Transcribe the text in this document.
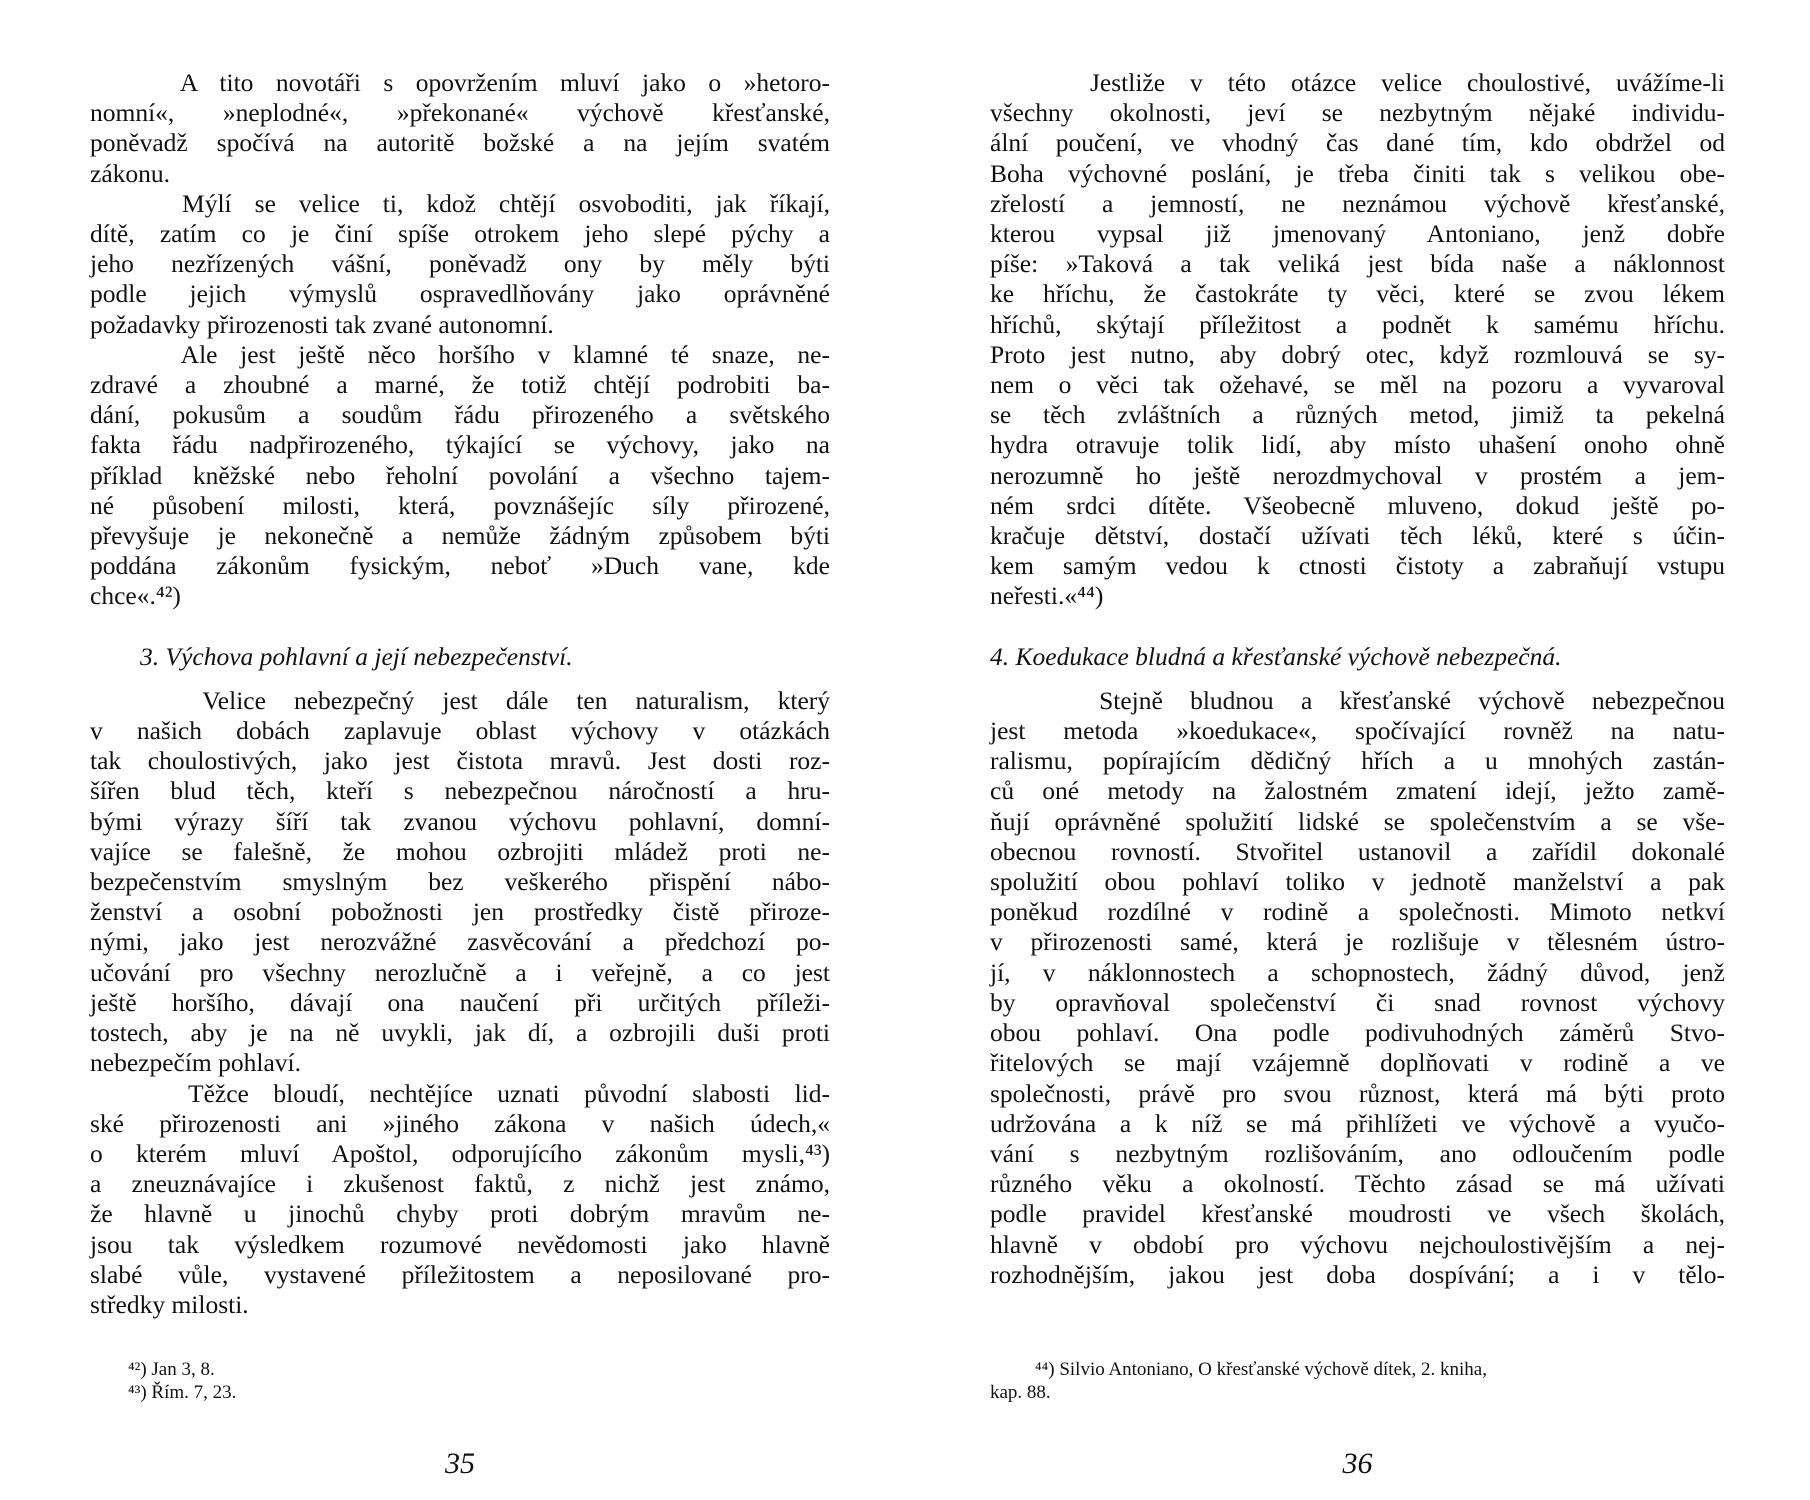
A tito novotáři s opovržením mluví jako o »hetoro-
nomní«, »neplodné«, »překonané« výchově křesťanské,
poněvadž spočívá na autoritě božské a na jejím svatém
zákonu.
Mýlí se velice ti, kdož chtějí osvoboditi, jak říkají,
dítě, zatím co je činí spíše otrokem jeho slepé pýchy a
jeho nezřízených vášní, poněvadž ony by měly býti
podle jejich výmyslů ospravedlňovány jako oprávněné
požadavky přirozenosti tak zvané autonomní.
Ale jest ještě něco horšího v klamné té snaze, ne-
zdravé a zhoubné a marné, že totiž chtějí podrobiti ba-
dání, pokusům a soudům řádu přirozeného a světského
fakta řádu nadpřirozeného, týkající se výchovy, jako na
příklad kněžské nebo řeholní povolání a všechno tajem-
né působení milosti, která, povznášejíc síly přirozené,
převyšuje je nekonečně a nemůže žádným způsobem býti
poddána zákonům fysickým, neboť »Duch vane, kde
chce«.⁴²)
3. Výchova pohlavní a její nebezpečenství.
Velice nebezpečný jest dále ten naturalism, který
v našich dobách zaplavuje oblast výchovy v otázkách
tak choulostivých, jako jest čistota mravů. Jest dosti roz-
šířen blud těch, kteří s nebezpečnou náročností a hru-
bými výrazy šíří tak zvanou výchovu pohlavní, domní-
vajíce se falešně, že mohou ozbrojiti mládež proti ne-
bezpečenstvím smyslným bez veškerého přispění nábo-
ženství a osobní pobožnosti jen prostředky čistě přiroze-
nými, jako jest nerozvážné zasvěcování a předchozí po-
učování pro všechny nerozlučně a i veřejně, a co jest
ještě horšího, dávají ona naučení při určitých příleži-
tostech, aby je na ně uvykli, jak dí, a ozbrojili duši proti
nebezpečím pohlaví.
Těžce bloudí, nechtějíce uznati původní slabosti lid-
ské přirozenosti ani »jiného zákona v našich údech,«
o kterém mluví Apoštol, odporujícího zákonům mysli,⁴³)
a zneuznávajíce i zkušenost faktů, z nichž jest známo,
že hlavně u jinochů chyby proti dobrým mravům ne-
jsou tak výsledkem rozumové nevědomosti jako hlavně
slabé vůle, vystavené příležitostem a neposilované pro-
středky milosti.
⁴²) Jan 3, 8.
⁴³) Řím. 7, 23.
35
Jestliže v této otázce velice choulostivé, uvážíme-li
všechny okolnosti, jeví se nezbytným nějaké individu-
ální poučení, ve vhodný čas dané tím, kdo obdržel od
Boha výchovné poslání, je třeba činiti tak s velikou obe-
zřelostí a jemností, ne neznámou výchově křesťanské,
kterou vypsal již jmenovaný Antoniano, jenž dobře
píše: »Taková a tak veliká jest bída naše a náklonnost
ke hříchu, že častokráte ty věci, které se zvou lékem
hříchů, skýtají příležitost a podnět k samému hříchu.
Proto jest nutno, aby dobrý otec, když rozmlouvá se sy-
nem o věci tak ožehavé, se měl na pozoru a vyvaroval
se těch zvláštních a různých metod, jimiž ta pekelná
hydra otravuje tolik lidí, aby místo uhašení onoho ohně
nerozumně ho ještě nerozdmychoval v prostém a jem-
ném srdci dítěte. Všeobecně mluveno, dokud ještě po-
kračuje dětství, dostačí užívati těch léků, které s účin-
kem samým vedou k ctnosti čistoty a zabraňují vstupu
neřesti.«⁴⁴)
4. Koedukace bludná a křesťanské výchově nebezpečná.
Stejně bludnou a křesťanské výchově nebezpečnou
jest metoda »koedukace«, spočívající rovněž na natu-
ralismu, popírajícím dědičný hřích a u mnohých zastán-
ců oné metody na žalostném zmatení idejí, ježto zamě-
ňují oprávněné spolužití lidské se společenstvím a se vše-
obecnou rovností. Stvořitel ustanovil a zařídil dokonalé
spolužití obou pohlaví toliko v jednotě manželství a pak
poněkud rozdílné v rodině a společnosti. Mimoto netkví
v přirozenosti samé, která je rozlišuje v tělesném ústro-
jí, v náklonnostech a schopnostech, žádný důvod, jenž
by opravňoval společenství či snad rovnost výchovy
obou pohlaví. Ona podle podivuhodných záměrů Stvo-
řitelových se mají vzájemně doplňovati v rodině a ve
společnosti, právě pro svou různost, která má býti proto
udržována a k níž se má přihlížeti ve výchově a vyučo-
vání s nezbytným rozlišováním, ano odloučením podle
různého věku a okolností. Těchto zásad se má užívati
podle pravidel křesťanské moudrosti ve všech školách,
hlavně v období pro výchovu nejchoulostivějším a nej-
rozhodnějším, jakou jest doba dospívání; a i v tělo-
⁴⁴) Silvio Antoniano, O křesťanské výchově dítek, 2. kniha,
kap. 88.
36
